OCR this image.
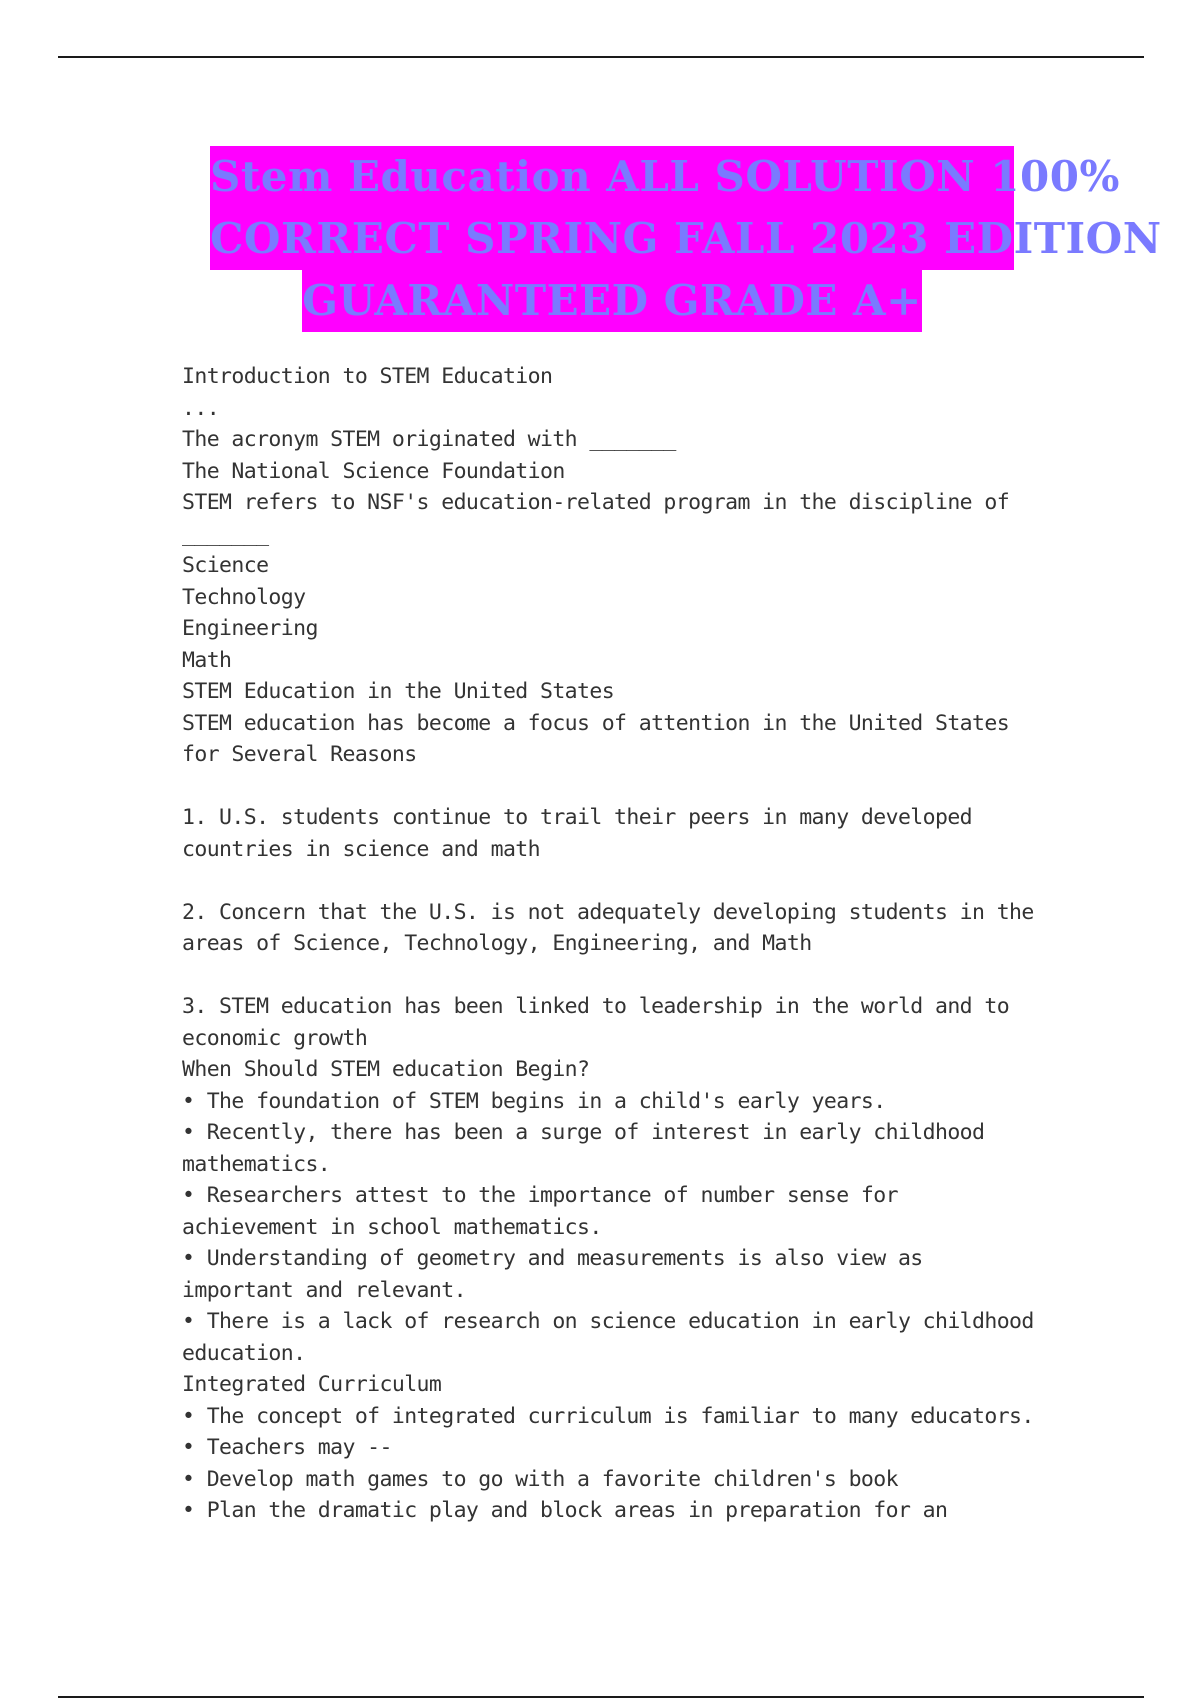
Stem Education ALL SOLUTION 100%
CORRECT SPRING FALL 2023 EDITION
GUARANTEED GRADE A+
Introduction to STEM Education
...
The acronym STEM originated with _______
The National Science Foundation
STEM refers to NSF's education-related program in the discipline of
_______
Science
Technology
Engineering
Math
STEM Education in the United States
STEM education has become a focus of attention in the United States
for Several Reasons
1. U.S. students continue to trail their peers in many developed
countries in science and math
2. Concern that the U.S. is not adequately developing students in the
areas of Science, Technology, Engineering, and Math
3. STEM education has been linked to leadership in the world and to
economic growth
When Should STEM education Begin?
• The foundation of STEM begins in a child's early years.
• Recently, there has been a surge of interest in early childhood
mathematics.
• Researchers attest to the importance of number sense for
achievement in school mathematics.
• Understanding of geometry and measurements is also view as
important and relevant.
• There is a lack of research on science education in early childhood
education.
Integrated Curriculum
• The concept of integrated curriculum is familiar to many educators.
• Teachers may --
• Develop math games to go with a favorite children's book
• Plan the dramatic play and block areas in preparation for an
